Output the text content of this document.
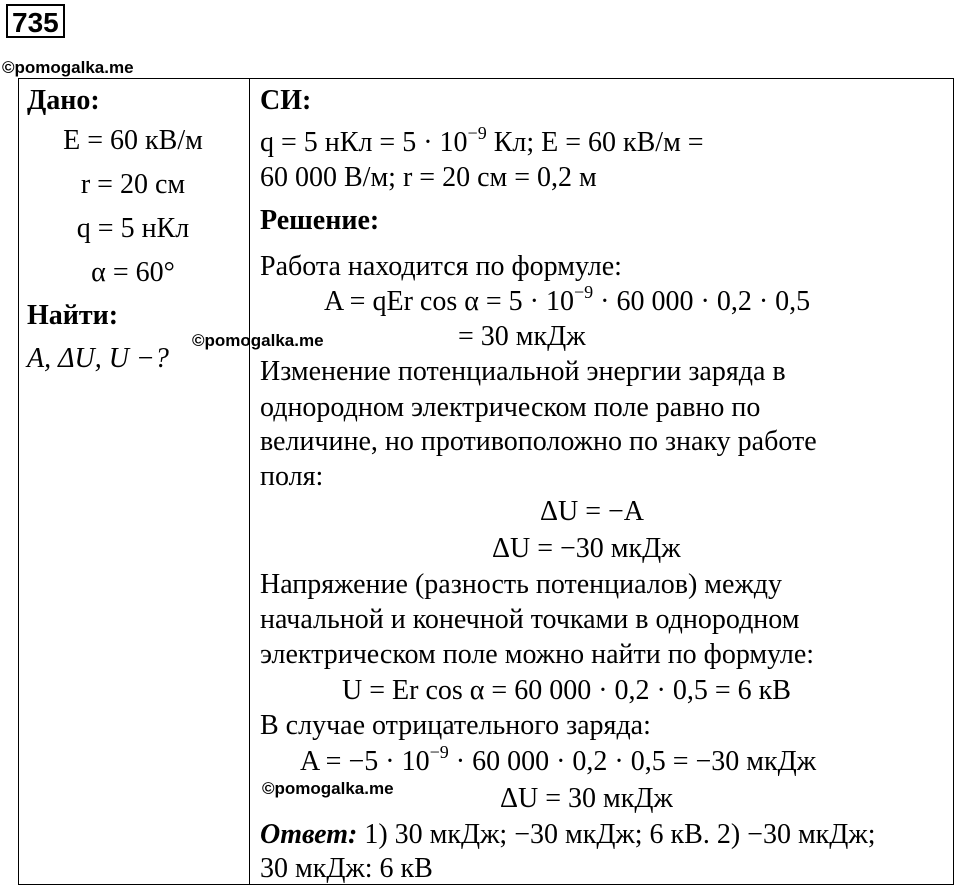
735
©pomogalka.me
Дано:
E = 60 кВ/м
r = 20 см
q = 5 нКл
α = 60°
Найти:
A, ΔU, U −?
©pomogalka.me
СИ:
q = 5 нКл = $5 \cdot 10^{-9}$ Кл; E = 60 кВ/м =
60 000 В/м; r = 20 см = 0,2 м
Решение:
Работа находится по формуле:
A = qEr $\cos \alpha = 5 \cdot 10^{-9} \cdot 60$ 000 · 0,2 · 0,5
= 30 мкДж
Изменение потенциальной энергии заряда в
однородном электрическом поле равно по
величине, но противоположно по знаку работе
поля:
ΔU = −A
ΔU = −30 мкДж
Напряжение (разность потенциалов) между
начальной и конечной точками в однородном
электрическом поле можно найти по формуле:
U = Er cos α = 60 000 · 0,2 · 0,5 = 6 кВ
В случае отрицательного заряда:
$A = -5 \cdot 10^{-9} \cdot 60$ 000 · 0,2 · 0,5 = −30 мкДж
©pomogalka.me	ΔU = 30 мкДж
Ответ: 1) 30 мкДж; −30 мкДж; 6 кВ. 2) −30 мкДж;
30 мкДж: 6 кВ
